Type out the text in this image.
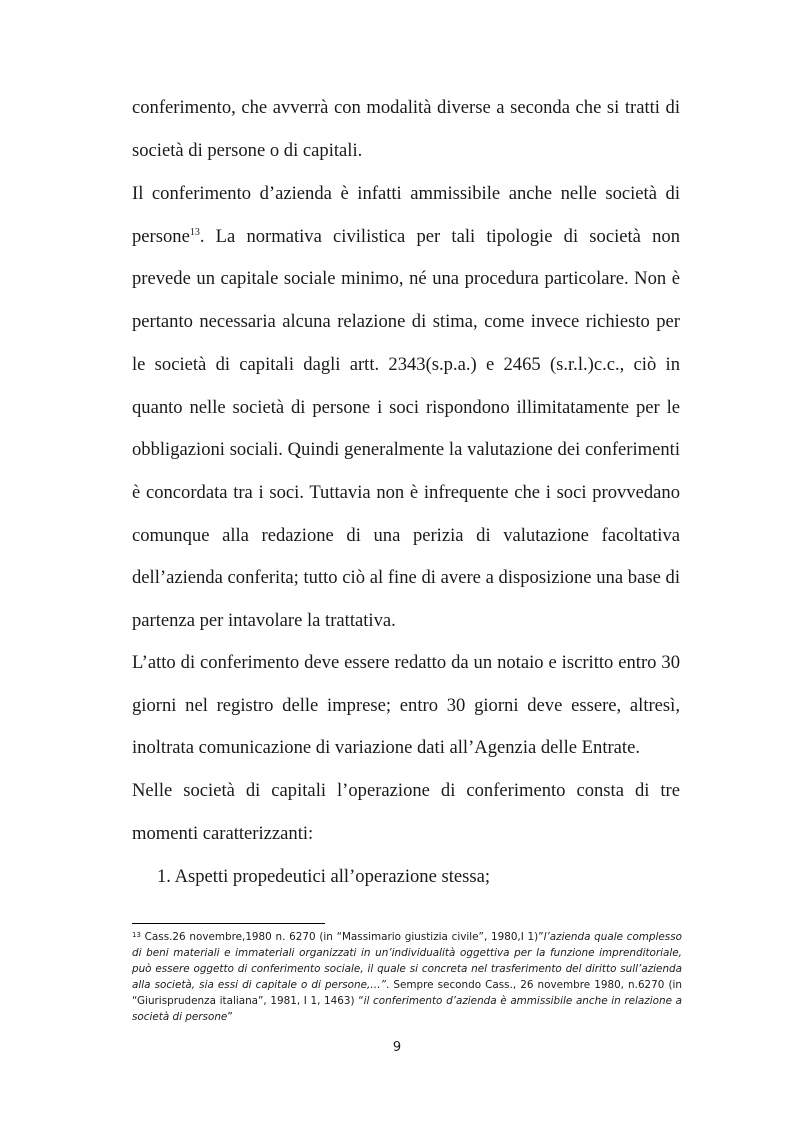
conferimento, che avverrà con modalità diverse a seconda che si tratti di società di persone o di capitali.

Il conferimento d’azienda è infatti ammissibile anche nelle società di persone$^{13}$. La normativa civilistica per tali tipologie di società non prevede un capitale sociale minimo, né una procedura particolare. Non è pertanto necessaria alcuna relazione di stima, come invece richiesto per le società di capitali dagli artt. 2343(s.p.a.) e 2465 (s.r.l.)c.c., ciò in quanto nelle società di persone i soci rispondono illimitatamente per le obbligazioni sociali. Quindi generalmente la valutazione dei conferimenti è concordata tra i soci. Tuttavia non è infrequente che i soci provvedano comunque alla redazione di una perizia di valutazione facoltativa dell’azienda conferita; tutto ciò al fine di avere a disposizione una base di partenza per intavolare la trattativa.

L’atto di conferimento deve essere redatto da un notaio e iscritto entro 30 giorni nel registro delle imprese; entro 30 giorni deve essere, altresì, inoltrata comunicazione di variazione dati all’Agenzia delle Entrate.

Nelle società di capitali l’operazione di conferimento consta di tre momenti caratterizzanti:

1. Aspetti propedeutici all’operazione stessa;

$^{13}$ Cass.26 novembre,1980 n. 6270 (in “Massimario giustizia civile”, 1980,I 1)”l’azienda quale complesso di beni materiali e immateriali organizzati in un’individualità oggettiva per la funzione imprenditoriale, può essere oggetto di conferimento sociale, il quale si concreta nel trasferimento del diritto sull’azienda alla società, sia essi di capitale o di persone,…”. Sempre secondo Cass., 26 novembre 1980, n.6270 (in “Giurisprudenza italiana”, 1981, I 1, 1463) “il conferimento d’azienda è ammissibile anche in relazione a società di persone”

9
